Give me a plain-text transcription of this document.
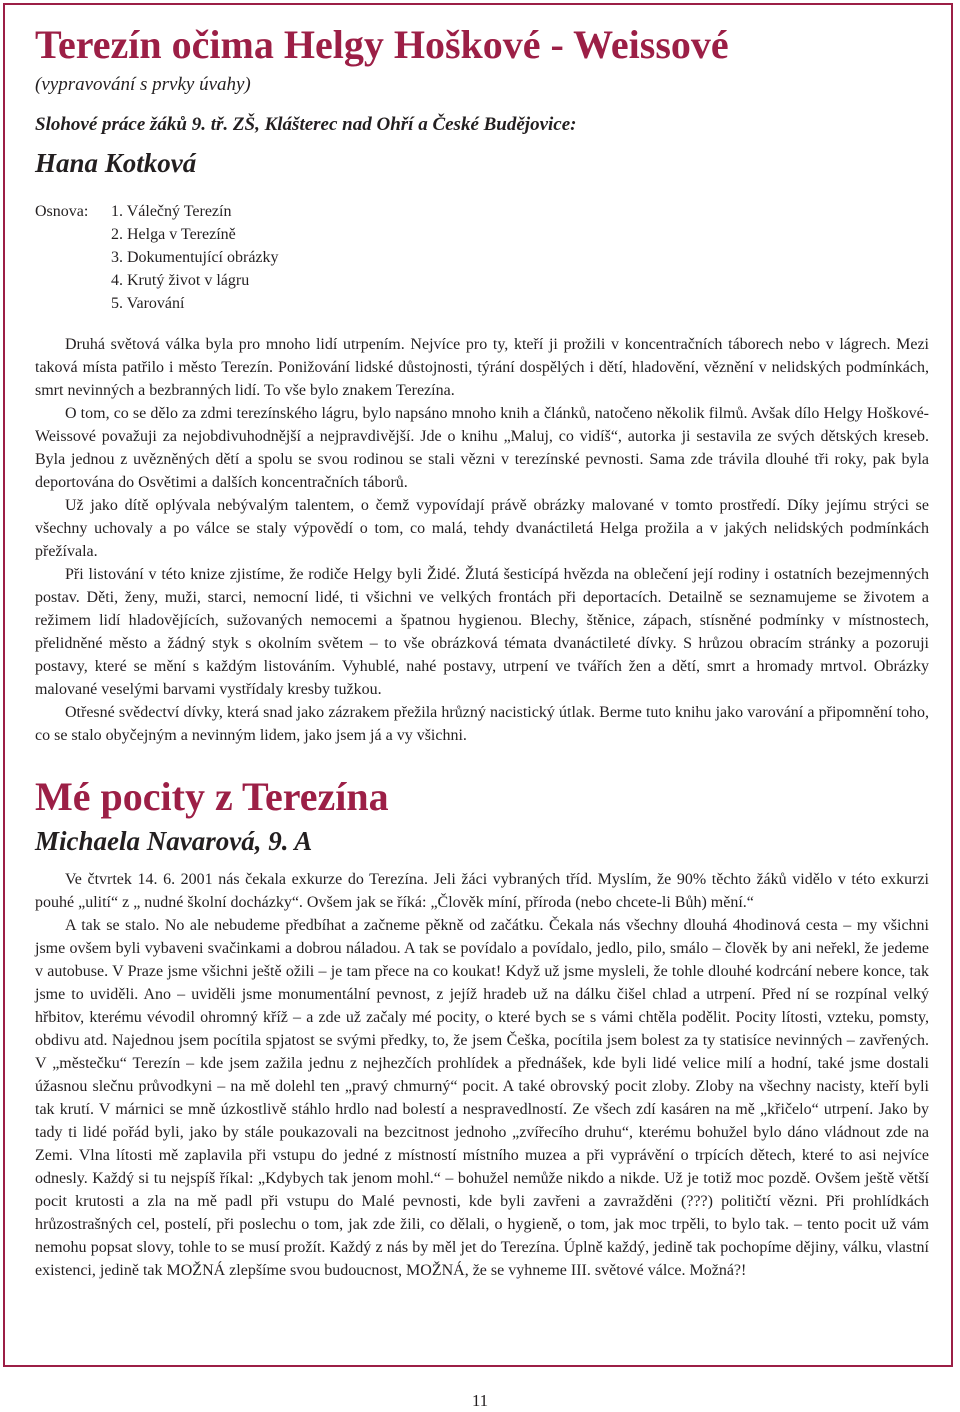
Terezín očima Helgy Hoškové - Weissové

(vypravování s prvky úvahy)

Slohové práce žáků 9. tř. ZŠ, Klášterec nad Ohří a České Budějovice:

Hana Kotková

Osnova:	1. Válečný Terezín
2. Helga v Terezíně
3. Dokumentující obrázky
4. Krutý život v lágru
5. Varování

Druhá světová válka byla pro mnoho lidí utrpením. Nejvíce pro ty, kteří ji prožili v koncentračních táborech nebo v lágrech. Mezi taková místa patřilo i město Terezín. Ponižování lidské důstojnosti, týrání dospělých i dětí, hladovění, věznění v nelidských podmínkách, smrt nevinných a bezbranných lidí. To vše bylo znakem Terezína.

O tom, co se dělo za zdmi terezínského lágru, bylo napsáno mnoho knih a článků, natočeno několik filmů. Avšak dílo Helgy Hoškové-Weissové považuji za nejobdivuhodnější a nejpravdivější. Jde o knihu „Maluj, co vidíš“, autorka ji sestavila ze svých dětských kreseb. Byla jednou z uvězněných dětí a spolu se svou rodinou se stali vězni v terezínské pevnosti. Sama zde trávila dlouhé tři roky, pak byla deportována do Osvětimi a dalších koncentračních táborů.

Už jako dítě oplývala nebývalým talentem, o čemž vypovídají právě obrázky malované v tomto prostředí. Díky jejímu strýci se všechny uchovaly a po válce se staly výpovědí o tom, co malá, tehdy dvanáctiletá Helga prožila a v jakých nelidských podmínkách přežívala.

Při listování v této knize zjistíme, že rodiče Helgy byli Židé. Žlutá šesticípá hvězda na oblečení její rodiny i ostatních bezejmenných postav. Děti, ženy, muži, starci, nemocní lidé, ti všichni ve velkých frontách při deportacích. Detailně se seznamujeme se životem a režimem lidí hladovějících, sužovaných nemocemi a špatnou hygienou. Blechy, štěnice, zápach, stísněné podmínky v místnostech, přelidněné město a žádný styk s okolním světem – to vše obrázková témata dvanáctileté dívky. S hrůzou obracím stránky a pozoruji postavy, které se mění s každým listováním. Vyhublé, nahé postavy, utrpení ve tvářích žen a dětí, smrt a hromady mrtvol. Obrázky malované veselými barvami vystřídaly kresby tužkou.

Otřesné svědectví dívky, která snad jako zázrakem přežila hrůzný nacistický útlak. Berme tuto knihu jako varování a připomnění toho, co se stalo obyčejným a nevinným lidem, jako jsem já a vy všichni.

Mé pocity z Terezína

Michaela Navarová, 9. A

Ve čtvrtek 14. 6. 2001 nás čekala exkurze do Terezína. Jeli žáci vybraných tříd. Myslím, že 90% těchto žáků vidělo v této exkurzi pouhé „ulití“ z „ nudné školní docházky“. Ovšem jak se říká: „Člověk míní, příroda (nebo chcete-li Bůh) mění.“

A tak se stalo. No ale nebudeme předbíhat a začneme pěkně od začátku. Čekala nás všechny dlouhá 4hodinová cesta – my všichni jsme ovšem byli vybaveni svačinkami a dobrou náladou. A tak se povídalo a povídalo, jedlo, pilo, smálo – člověk by ani neřekl, že jedeme v autobuse. V Praze jsme všichni ještě ožili – je tam přece na co koukat! Když už jsme mysleli, že tohle dlouhé kodrcání nebere konce, tak jsme to uviděli. Ano – uviděli jsme monumentální pevnost, z jejíž hradeb už na dálku čišel chlad a utrpení. Před ní se rozpínal velký hřbitov, kterému vévodil ohromný kříž – a zde už začaly mé pocity, o které bych se s vámi chtěla podělit. Pocity lítosti, vzteku, pomsty, obdivu atd. Najednou jsem pocítila spjatost se svými předky, to, že jsem Češka, pocítila jsem bolest za ty statisíce nevinných – zavřených. V „městečku“ Terezín – kde jsem zažila jednu z nejhezčích prohlídek a přednášek, kde byli lidé velice milí a hodní, také jsme dostali úžasnou slečnu průvodkyni – na mě dolehl ten „pravý chmurný“ pocit. A také obrovský pocit zloby. Zloby na všechny nacisty, kteří byli tak krutí. V márnici se mně úzkostlivě stáhlo hrdlo nad bolestí a nespravedlností. Ze všech zdí kasáren na mě „křičelo“ utrpení. Jako by tady ti lidé pořád byli, jako by stále poukazovali na bezcitnost jednoho „zvířecího druhu“, kterému bohužel bylo dáno vládnout zde na Zemi. Vlna lítosti mě zaplavila při vstupu do jedné z místností místního muzea a při vyprávění o trpících dětech, které to asi nejvíce odnesly. Každý si tu nejspíš říkal: „Kdybych tak jenom mohl.“ – bohužel nemůže nikdo a nikde. Už je totiž moc pozdě. Ovšem ještě větší pocit krutosti a zla na mě padl při vstupu do Malé pevnosti, kde byli zavřeni a zavražděni (???) političtí vězni. Při prohlídkách hrůzostrašných cel, postelí, při poslechu o tom, jak zde žili, co dělali, o hygieně, o tom, jak moc trpěli, to bylo tak. – tento pocit už vám nemohu popsat slovy, tohle to se musí prožít. Každý z nás by měl jet do Terezína. Úplně každý, jedině tak pochopíme dějiny, válku, vlastní existenci, jedině tak MOŽNÁ zlepšíme svou budoucnost, MOŽNÁ, že se vyhneme III. světové válce. Možná?!

11
